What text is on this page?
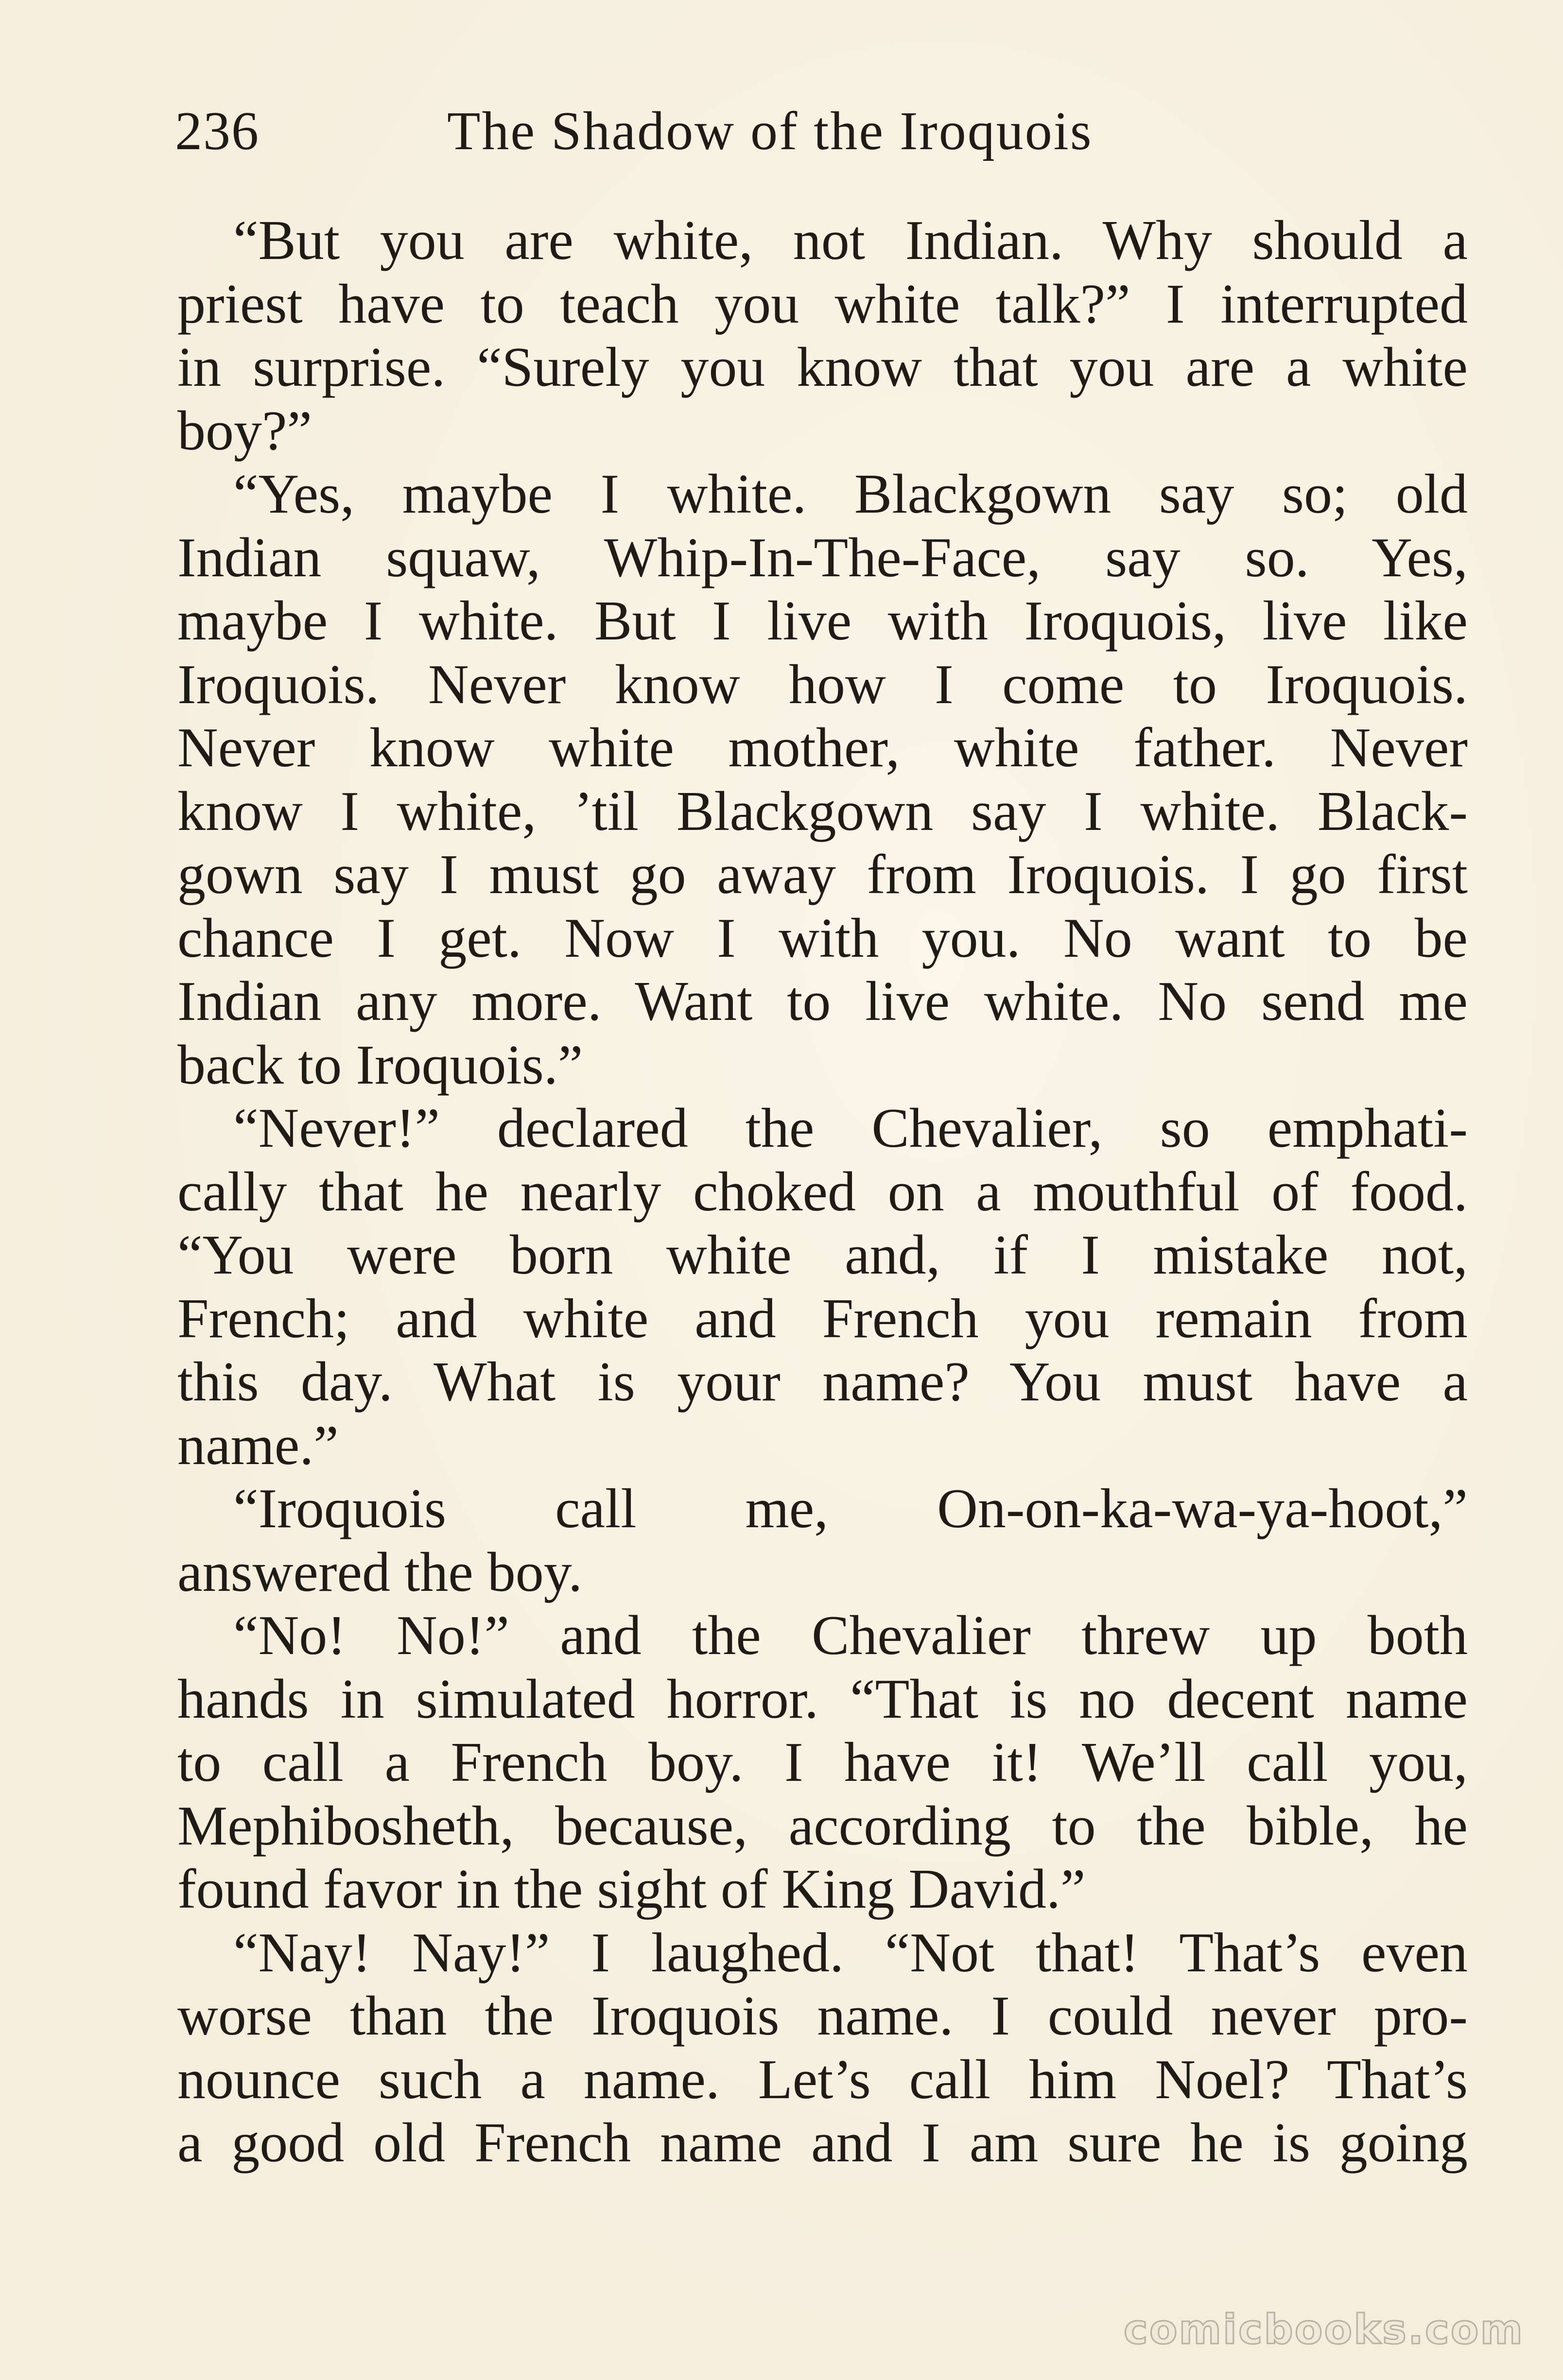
236	The Shadow of the Iroquois
“But you are white, not Indian. Why should a
priest have to teach you white talk?” I interrupted
in surprise. “Surely you know that you are a white
boy?”
“Yes, maybe I white. Blackgown say so; old
Indian squaw, Whip-In-The-Face, say so. Yes,
maybe I white. But I live with Iroquois, live like
Iroquois. Never know how I come to Iroquois.
Never know white mother, white father. Never
know I white, ’til Blackgown say I white. Black-
gown say I must go away from Iroquois. I go first
chance I get. Now I with you. No want to be
Indian any more. Want to live white. No send me
back to Iroquois.”
“Never!” declared the Chevalier, so emphati-
cally that he nearly choked on a mouthful of food.
“You were born white and, if I mistake not,
French; and white and French you remain from
this day. What is your name? You must have a
name.”
“Iroquois call me, On-on-ka-wa-ya-hoot,”
answered the boy.
“No! No!” and the Chevalier threw up both
hands in simulated horror. “That is no decent name
to call a French boy. I have it! We’ll call you,
Mephibosheth, because, according to the bible, he
found favor in the sight of King David.”
“Nay! Nay!” I laughed. “Not that! That’s even
worse than the Iroquois name. I could never pro-
nounce such a name. Let’s call him Noel? That’s
a good old French name and I am sure he is going
comicbooks.com
